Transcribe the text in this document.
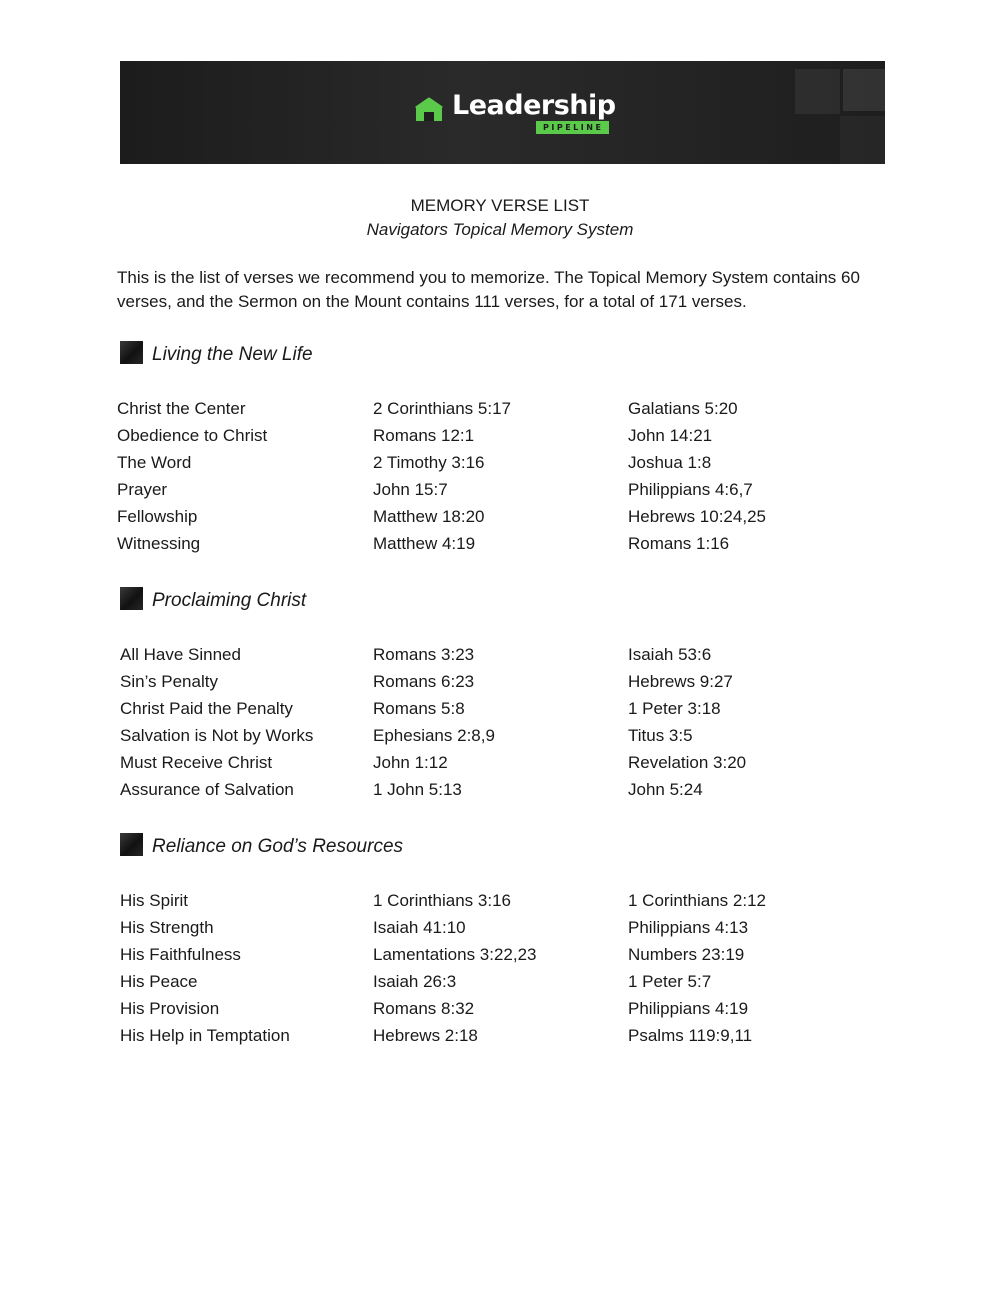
Leadership
PIPELINE
MEMORY VERSE LIST
Navigators Topical Memory System
This is the list of verses we recommend you to memorize. The Topical Memory System contains 60 verses, and the Sermon on the Mount contains 111 verses, for a total of 171 verses.
Living the New Life
Christ the Center	2 Corinthians 5:17	Galatians 5:20
Obedience to Christ	Romans 12:1	John 14:21
The Word	2 Timothy 3:16	Joshua 1:8
Prayer	John 15:7	Philippians 4:6,7
Fellowship	Matthew 18:20	Hebrews 10:24,25
Witnessing	Matthew 4:19	Romans 1:16
Proclaiming Christ
All Have Sinned	Romans 3:23	Isaiah 53:6
Sin’s Penalty	Romans 6:23	Hebrews 9:27
Christ Paid the Penalty	Romans 5:8	1 Peter 3:18
Salvation is Not by Works	Ephesians 2:8,9	Titus 3:5
Must Receive Christ	John 1:12	Revelation 3:20
Assurance of Salvation	1 John 5:13	John 5:24
Reliance on God’s Resources
His Spirit	1 Corinthians 3:16	1 Corinthians 2:12
His Strength	Isaiah 41:10	Philippians 4:13
His Faithfulness	Lamentations 3:22,23	Numbers 23:19
His Peace	Isaiah 26:3	1 Peter 5:7
His Provision	Romans 8:32	Philippians 4:19
His Help in Temptation	Hebrews 2:18	Psalms 119:9,11
